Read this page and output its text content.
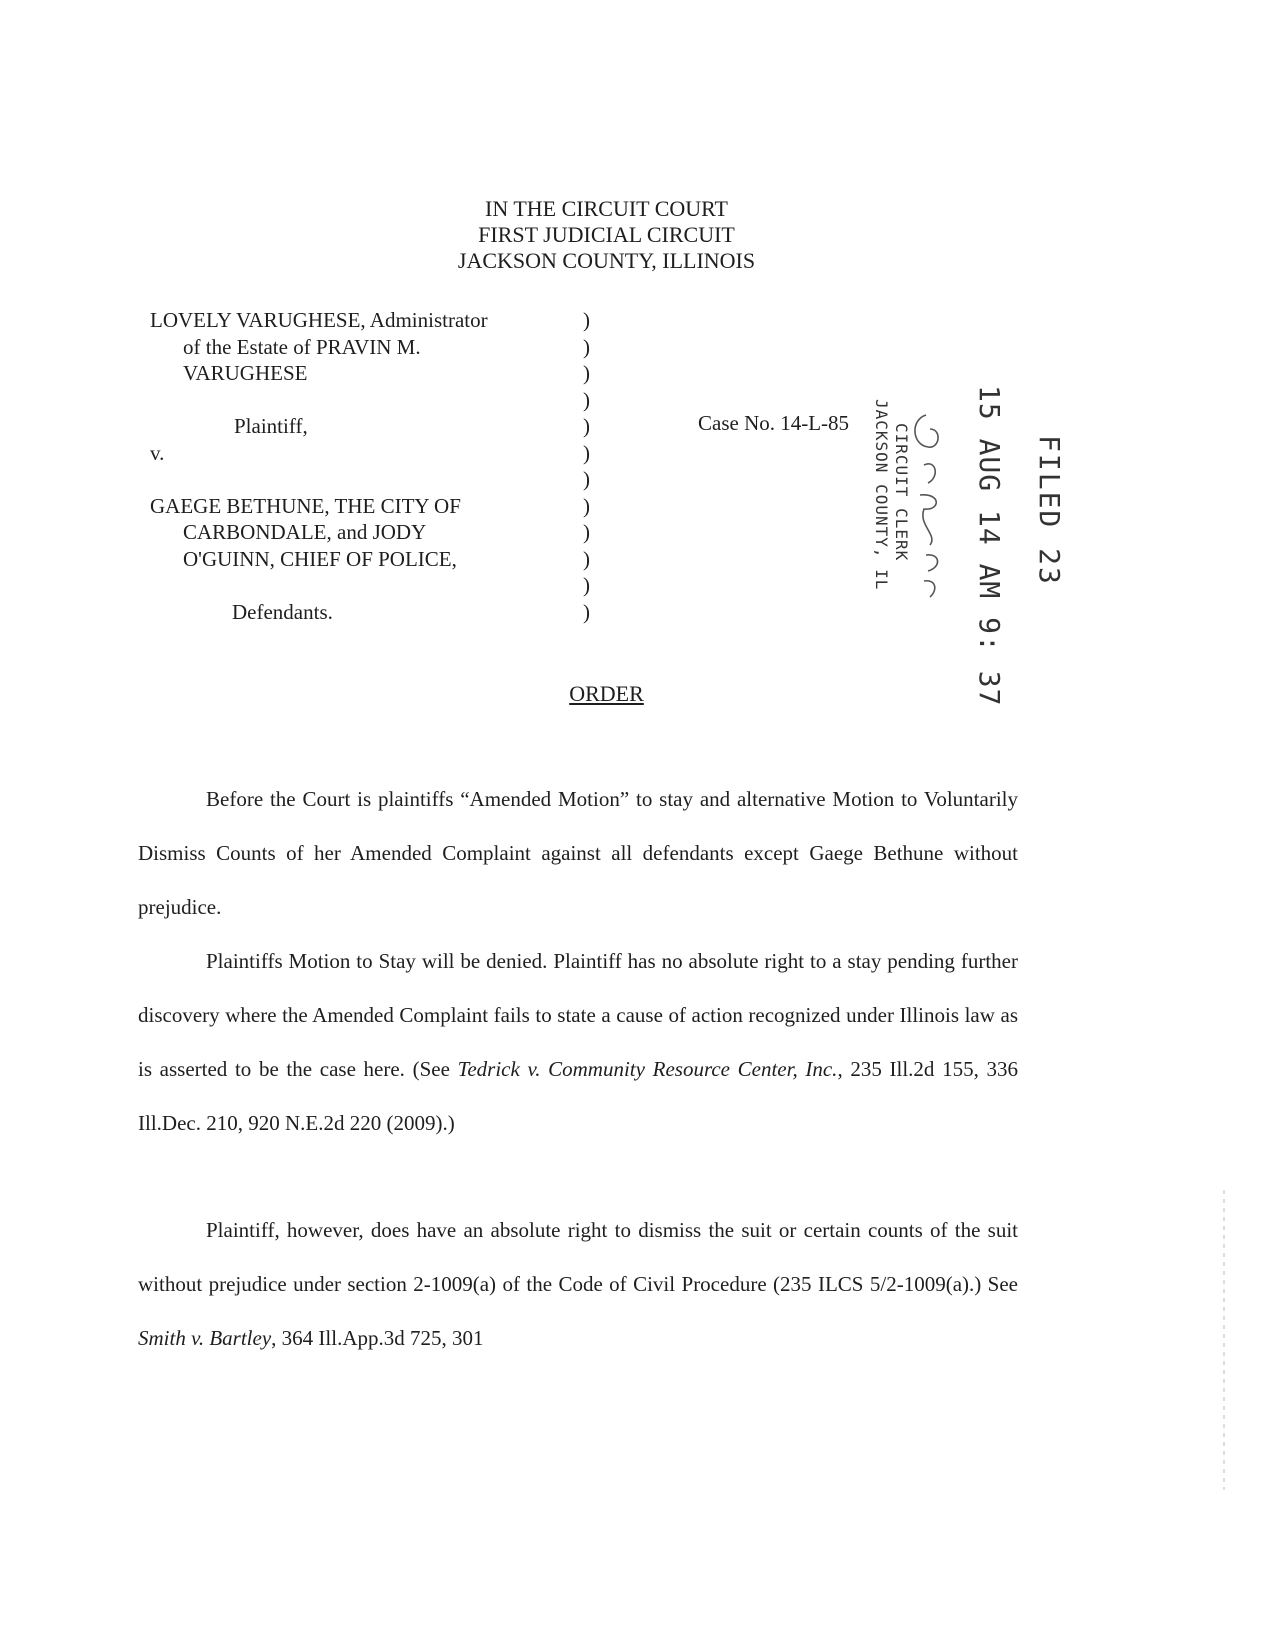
IN THE CIRCUIT COURT
FIRST JUDICIAL CIRCUIT
JACKSON COUNTY, ILLINOIS
LOVELY VARUGHESE, Administrator
of the Estate of PRAVIN M.
VARUGHESE
Plaintiff,
v.
GAEGE BETHUNE, THE CITY OF
CARBONDALE, and JODY
O'GUINN, CHIEF OF POLICE,
Defendants.
)
)
)
)
)
)
)
)
)
)
)
)
Case No. 14-L-85
FILED 23
15 AUG 14 AM 9: 37
CIRCUIT CLERK
JACKSON COUNTY, IL
ORDER

Before the Court is plaintiffs “Amended Motion” to stay and alternative Motion to Voluntarily Dismiss Counts of her Amended Complaint against all defendants except Gaege Bethune without prejudice.

Plaintiffs Motion to Stay will be denied. Plaintiff has no absolute right to a stay pending further discovery where the Amended Complaint fails to state a cause of action recognized under Illinois law as is asserted to be the case here. (See Tedrick v. Community Resource Center, Inc., 235 Ill.2d 155, 336 Ill.Dec. 210, 920 N.E.2d 220 (2009).)

Plaintiff, however, does have an absolute right to dismiss the suit or certain counts of the suit without prejudice under section 2-1009(a) of the Code of Civil Procedure (235 ILCS 5/2-1009(a).) See Smith v. Bartley, 364 Ill.App.3d 725, 301
